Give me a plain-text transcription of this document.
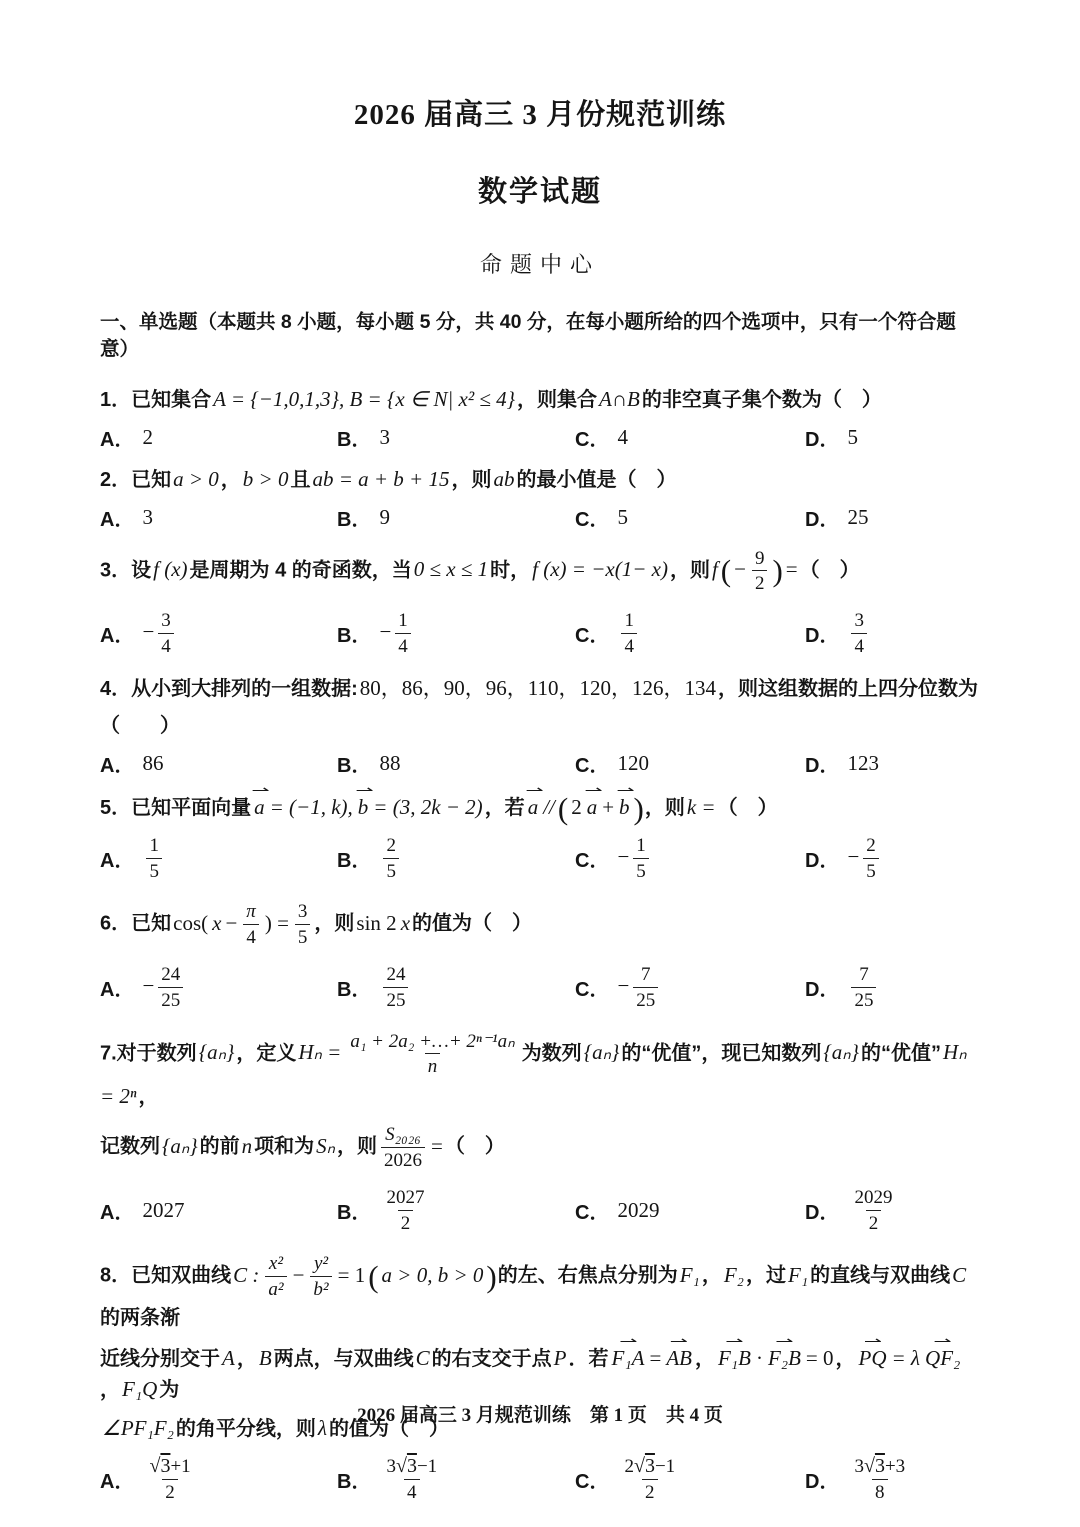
2026 届高三 3 月份规范训练
数学试题
命题中心
一、单选题（本题共 8 小题，每小题 5 分，共 40 分，在每小题所给的四个选项中，只有一个符合题意）
1．已知集合A = {−1,0,1,3}, B = {x ∈ N| x² ≤ 4} ，则集合A∩B 的非空真子集个数为（　）
A． 2	B． 3	C． 4	D． 5
2．已知a > 0 ，b > 0 且ab = a + b + 15 ，则ab 的最小值是（　）
A． 3	B． 9	C． 5	D． 25
3．设f (x) 是周期为 4 的奇函数，当0 ≤ x ≤ 1 时，f (x) = −x(1− x) ，则$f( - \frac{9}{2}$ ) = （　）
A． − $\frac{3}{4}$	B． − $\frac{1}{4}$	C． $\frac{1}{4}$	D． $\frac{3}{4}$
4．从小到大排列的一组数据:80，86，90，96，110，120，126，134 ，则这组数据的上四分位数为
（　　）
A． 86	B． 88	C． 120	D． 123
5．已知平面向量 ⇀ a = (−1, k), ⇀ b = (3, 2k − 2) ，若 ⇀ a //( 2 ⇀ a + ⇀ b )，则k = （　）
A． $\frac{1}{5}$	B． $\frac{2}{5}$	C． − $\frac{1}{5}$	D． − $\frac{2}{5}$
6．已知cos( $x - \frac{\pi}{4}$ ) = $\frac{3}{5}$ ，则sin 2 x 的值为（　）
A． − $\frac{24}{25}$	B． $\frac{24}{25}$	C． − $\frac{7}{25}$	D． $\frac{7}{25}$
7.对于数列{aₙ} ，定义$H_n = \frac{\text{a₁ + 2a₂ +…+ 2ⁿ⁻¹aₙ}}{n}$ 为数列{aₙ} 的“优值”，现已知数列{aₙ} 的“优值”Hₙ = 2ⁿ ，
记数列{aₙ} 的前n 项和为Sₙ ，则 $\frac{\text{S₂₀₂₆}}{2026}$ = （　）
A． 2027	B． $\frac{2027}{2}$	C． 2029	D． $\frac{2029}{2}$
8．已知双曲线C : $\frac{\text{x²}}{\text{a²}} - \frac{\text{y²}}{\text{b²}} = 1$( a > 0, b > 0)的左、右焦点分别为F₁ ，F₂ ，过F₁ 的直线与双曲线C的两条渐
近线分别交于A ，B 两点，与双曲线C 的右支交于点P ．若 ⇀ F₁A = ⇀ AB ， ⇀ F₁B · ⇀ F₂B = 0 ， ⇀ PQ = λ ⇀ QF₂，F₁Q 为
∠PF₁F₂ 的角平分线，则λ 的值为（　）
A． $\frac{√3+1}{2}$	B． $\frac{3√3-1}{4}$	C． $\frac{2√3-1}{2}$	D． $\frac{3√3+3}{8}$
2026 届高三 3 月规范训练　第 1 页　共 4 页
